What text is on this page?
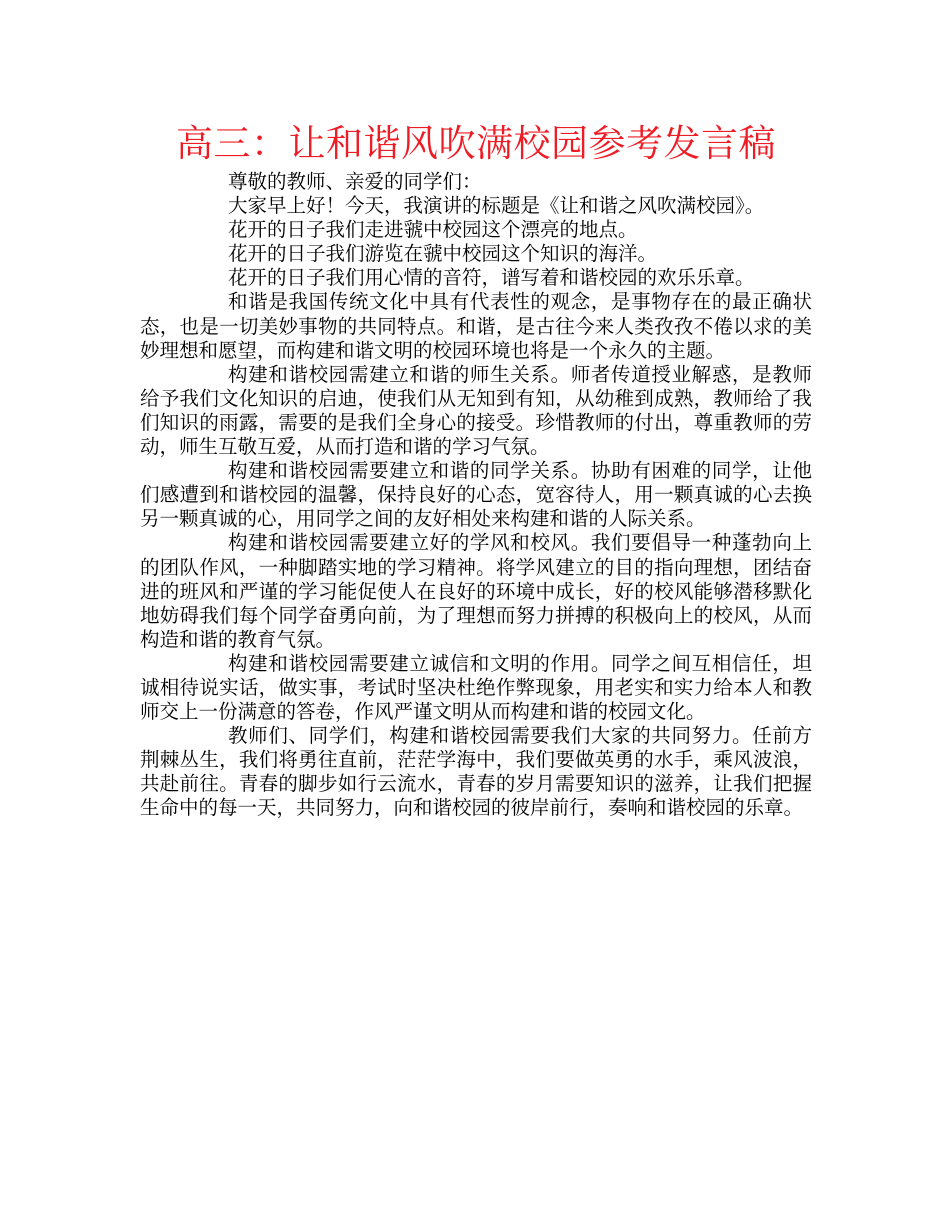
高三：让和谐风吹满校园参考发言稿

尊敬的教师、亲爱的同学们：

大家早上好！今天，我演讲的标题是《让和谐之风吹满校园》。

花开的日子我们走进虢中校园这个漂亮的地点。

花开的日子我们游览在虢中校园这个知识的海洋。

花开的日子我们用心情的音符，谱写着和谐校园的欢乐乐章。

和谐是我国传统文化中具有代表性的观念，是事物存在的最正确状态，也是一切美妙事物的共同特点。和谐，是古往今来人类孜孜不倦以求的美妙理想和愿望，而构建和谐文明的校园环境也将是一个永久的主题。

构建和谐校园需建立和谐的师生关系。师者传道授业解惑，是教师给予我们文化知识的启迪，使我们从无知到有知，从幼稚到成熟，教师给了我们知识的雨露，需要的是我们全身心的接受。珍惜教师的付出，尊重教师的劳动，师生互敬互爱，从而打造和谐的学习气氛。

构建和谐校园需要建立和谐的同学关系。协助有困难的同学，让他们感遭到和谐校园的温馨，保持良好的心态，宽容待人，用一颗真诚的心去换另一颗真诚的心，用同学之间的友好相处来构建和谐的人际关系。

构建和谐校园需要建立好的学风和校风。我们要倡导一种蓬勃向上的团队作风，一种脚踏实地的学习精神。将学风建立的目的指向理想，团结奋进的班风和严谨的学习能促使人在良好的环境中成长，好的校风能够潜移默化地妨碍我们每个同学奋勇向前，为了理想而努力拼搏的积极向上的校风，从而构造和谐的教育气氛。

构建和谐校园需要建立诚信和文明的作用。同学之间互相信任，坦诚相待说实话，做实事，考试时坚决杜绝作弊现象，用老实和实力给本人和教师交上一份满意的答卷，作风严谨文明从而构建和谐的校园文化。

教师们、同学们，构建和谐校园需要我们大家的共同努力。任前方荆棘丛生，我们将勇往直前，茫茫学海中，我们要做英勇的水手，乘风波浪，共赴前往。青春的脚步如行云流水，青春的岁月需要知识的滋养，让我们把握生命中的每一天，共同努力，向和谐校园的彼岸前行，奏响和谐校园的乐章。
